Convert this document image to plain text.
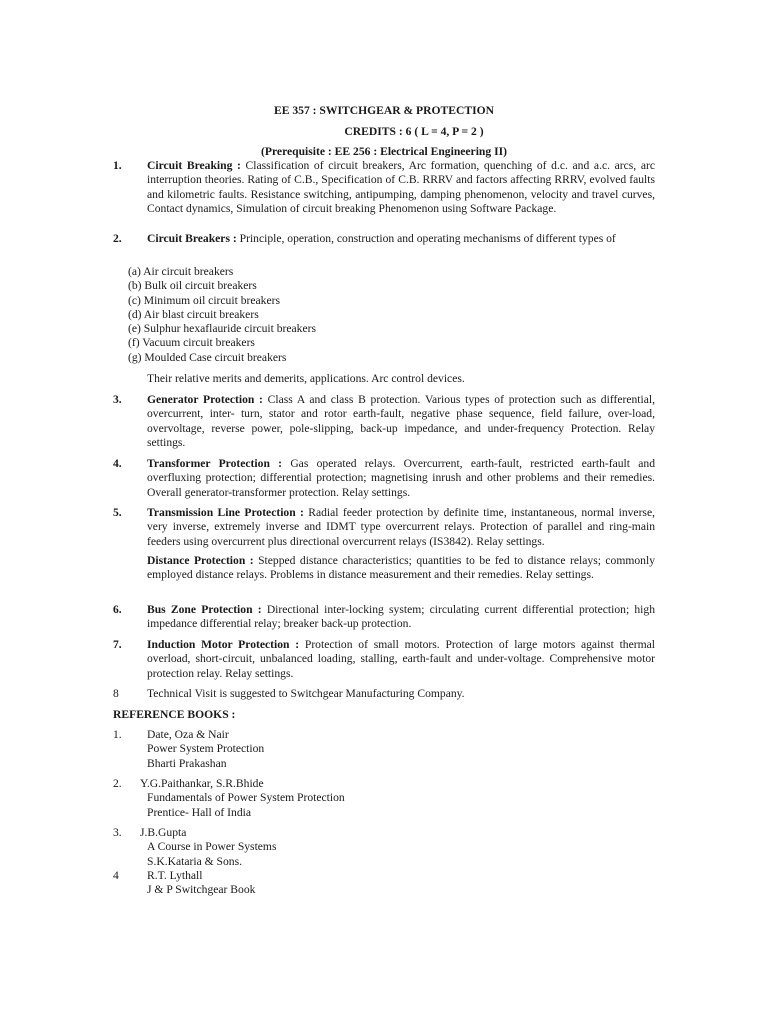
EE 357 : SWITCHGEAR & PROTECTION
CREDITS : 6 ( L = 4, P = 2 )
(Prerequisite : EE 256 : Electrical Engineering II)
1. Circuit Breaking : Classification of circuit breakers, Arc formation, quenching of d.c. and a.c. arcs, arc interruption theories. Rating of C.B., Specification of C.B. RRRV and factors affecting RRRV, evolved faults and kilometric faults. Resistance switching, antipumping, damping phenomenon, velocity and travel curves, Contact dynamics, Simulation of circuit breaking Phenomenon using Software Package.
2. Circuit Breakers : Principle, operation, construction and operating mechanisms of different types of
(a) Air circuit breakers
(b) Bulk oil circuit breakers
(c) Minimum oil circuit breakers
(d) Air blast circuit breakers
(e) Sulphur hexaflauride circuit breakers
(f) Vacuum circuit breakers
(g) Moulded Case circuit breakers
Their relative merits and demerits, applications. Arc control devices.
3. Generator Protection : Class A and class B protection. Various types of protection such as differential, overcurrent, inter- turn, stator and rotor earth-fault, negative phase sequence, field failure, over-load, overvoltage, reverse power, pole-slipping, back-up impedance, and under-frequency Protection. Relay settings.
4. Transformer Protection : Gas operated relays. Overcurrent, earth-fault, restricted earth-fault and overfluxing protection; differential protection; magnetising inrush and other problems and their remedies. Overall generator-transformer protection. Relay settings.
5. Transmission Line Protection : Radial feeder protection by definite time, instantaneous, normal inverse, very inverse, extremely inverse and IDMT type overcurrent relays. Protection of parallel and ring-main feeders using overcurrent plus directional overcurrent relays (IS3842). Relay settings.
Distance Protection : Stepped distance characteristics; quantities to be fed to distance relays; commonly employed distance relays. Problems in distance measurement and their remedies. Relay settings.
6. Bus Zone Protection : Directional inter-locking system; circulating current differential protection; high impedance differential relay; breaker back-up protection.
7. Induction Motor Protection : Protection of small motors. Protection of large motors against thermal overload, short-circuit, unbalanced loading, stalling, earth-fault and under-voltage. Comprehensive motor protection relay. Relay settings.
8 Technical Visit is suggested to Switchgear Manufacturing Company.
REFERENCE BOOKS :
1. Date, Oza & Nair
Power System Protection
Bharti Prakashan
2. Y.G.Paithankar, S.R.Bhide
Fundamentals of Power System Protection
Prentice- Hall of India
3. J.B.Gupta
A Course in Power Systems
S.K.Kataria & Sons.
4 R.T. Lythall
J & P Switchgear Book
